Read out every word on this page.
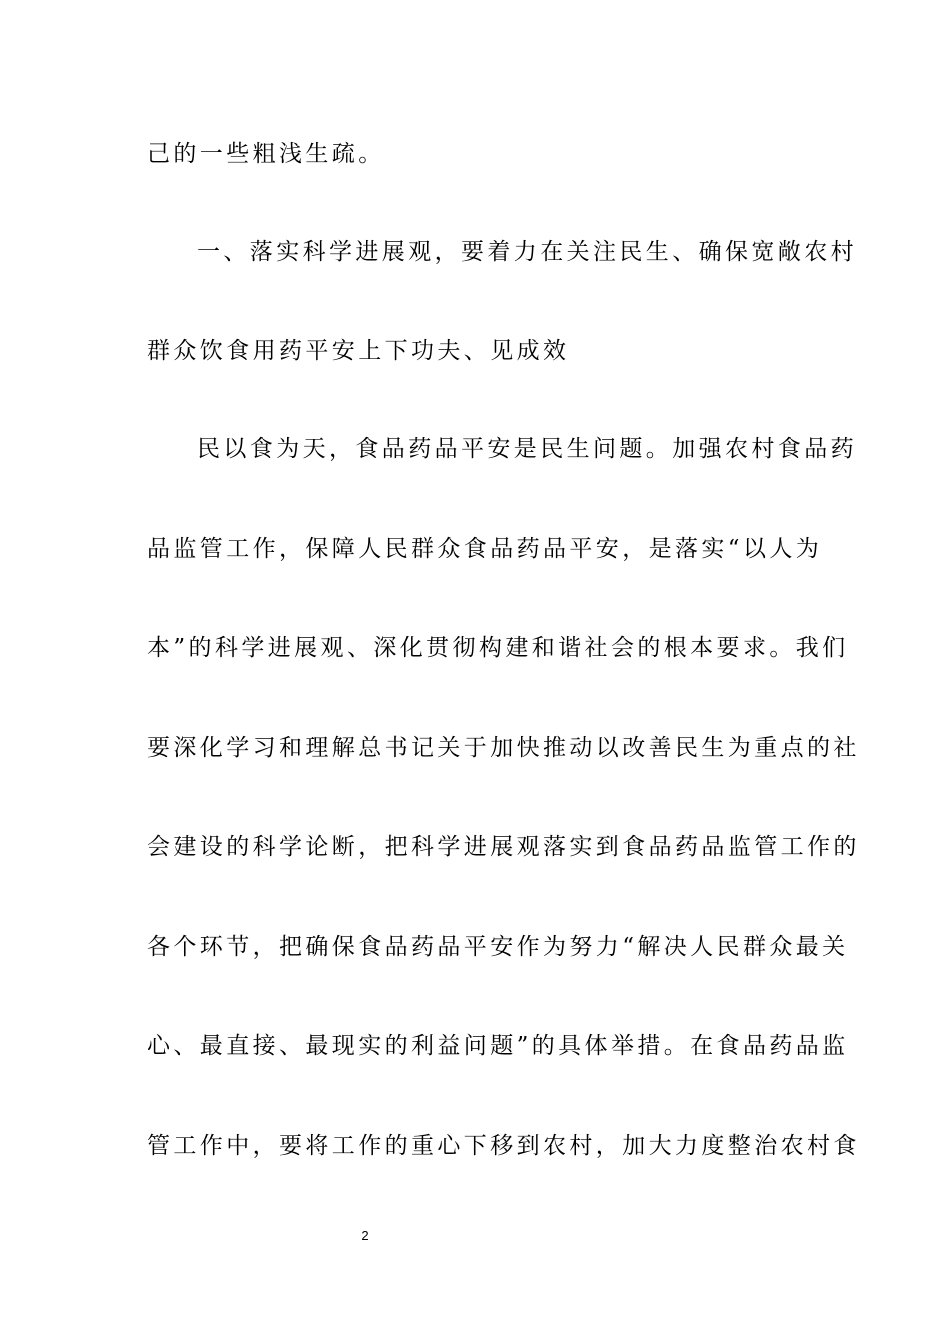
己的一些粗浅生疏。
一、落实科学进展观，要着力在关注民生、确保宽敞农村
群众饮食用药平安上下功夫、见成效
民以食为天，食品药品平安是民生问题。加强农村食品药
品监管工作，保障人民群众食品药品平安，是落实“以人为
本”的科学进展观、深化贯彻构建和谐社会的根本要求。我们
要深化学习和理解总书记关于加快推动以改善民生为重点的社
会建设的科学论断，把科学进展观落实到食品药品监管工作的
各个环节，把确保食品药品平安作为努力“解决人民群众最关
心、最直接、最现实的利益问题”的具体举措。在食品药品监
管工作中，要将工作的重心下移到农村，加大力度整治农村食
2
